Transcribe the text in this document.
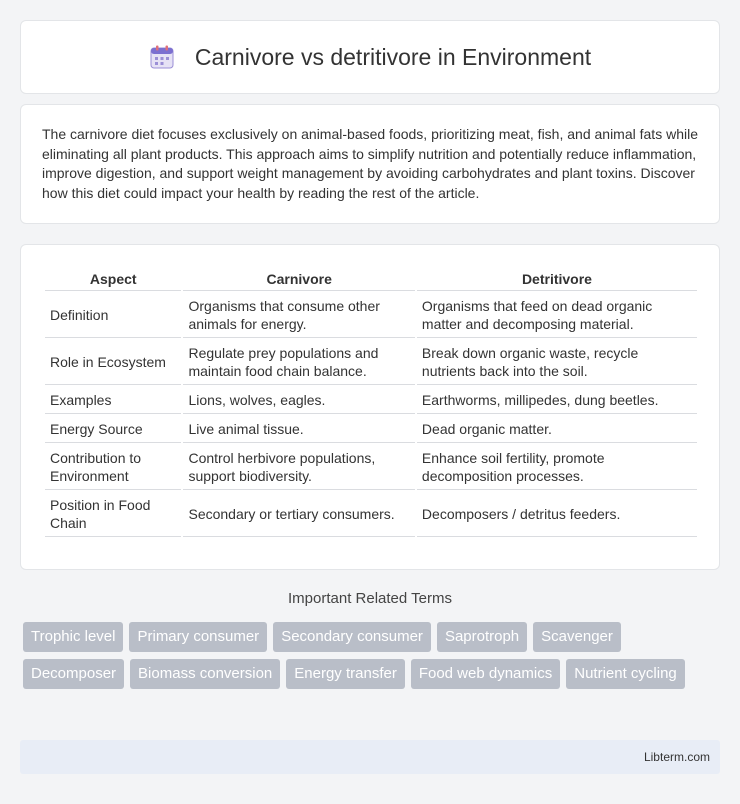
Carnivore vs detritivore in Environment

The carnivore diet focuses exclusively on animal-based foods, prioritizing meat, fish, and animal fats while eliminating all plant products. This approach aims to simplify nutrition and potentially reduce inflammation, improve digestion, and support weight management by avoiding carbohydrates and plant toxins. Discover how this diet could impact your health by reading the rest of the article.

Aspect	Carnivore	Detritivore
Definition	Organisms that consume other animals for energy.	Organisms that feed on dead organic matter and decomposing material.
Role in Ecosystem	Regulate prey populations and maintain food chain balance.	Break down organic waste, recycle nutrients back into the soil.
Examples	Lions, wolves, eagles.	Earthworms, millipedes, dung beetles.
Energy Source	Live animal tissue.	Dead organic matter.
Contribution to Environment	Control herbivore populations, support biodiversity.	Enhance soil fertility, promote decomposition processes.
Position in Food Chain	Secondary or tertiary consumers.	Decomposers / detritus feeders.
Important Related Terms
Trophic level	Primary consumer	Secondary consumer	Saprotroph	Scavenger
Decomposer	Biomass conversion	Energy transfer	Food web dynamics	Nutrient cycling
Libterm.com
